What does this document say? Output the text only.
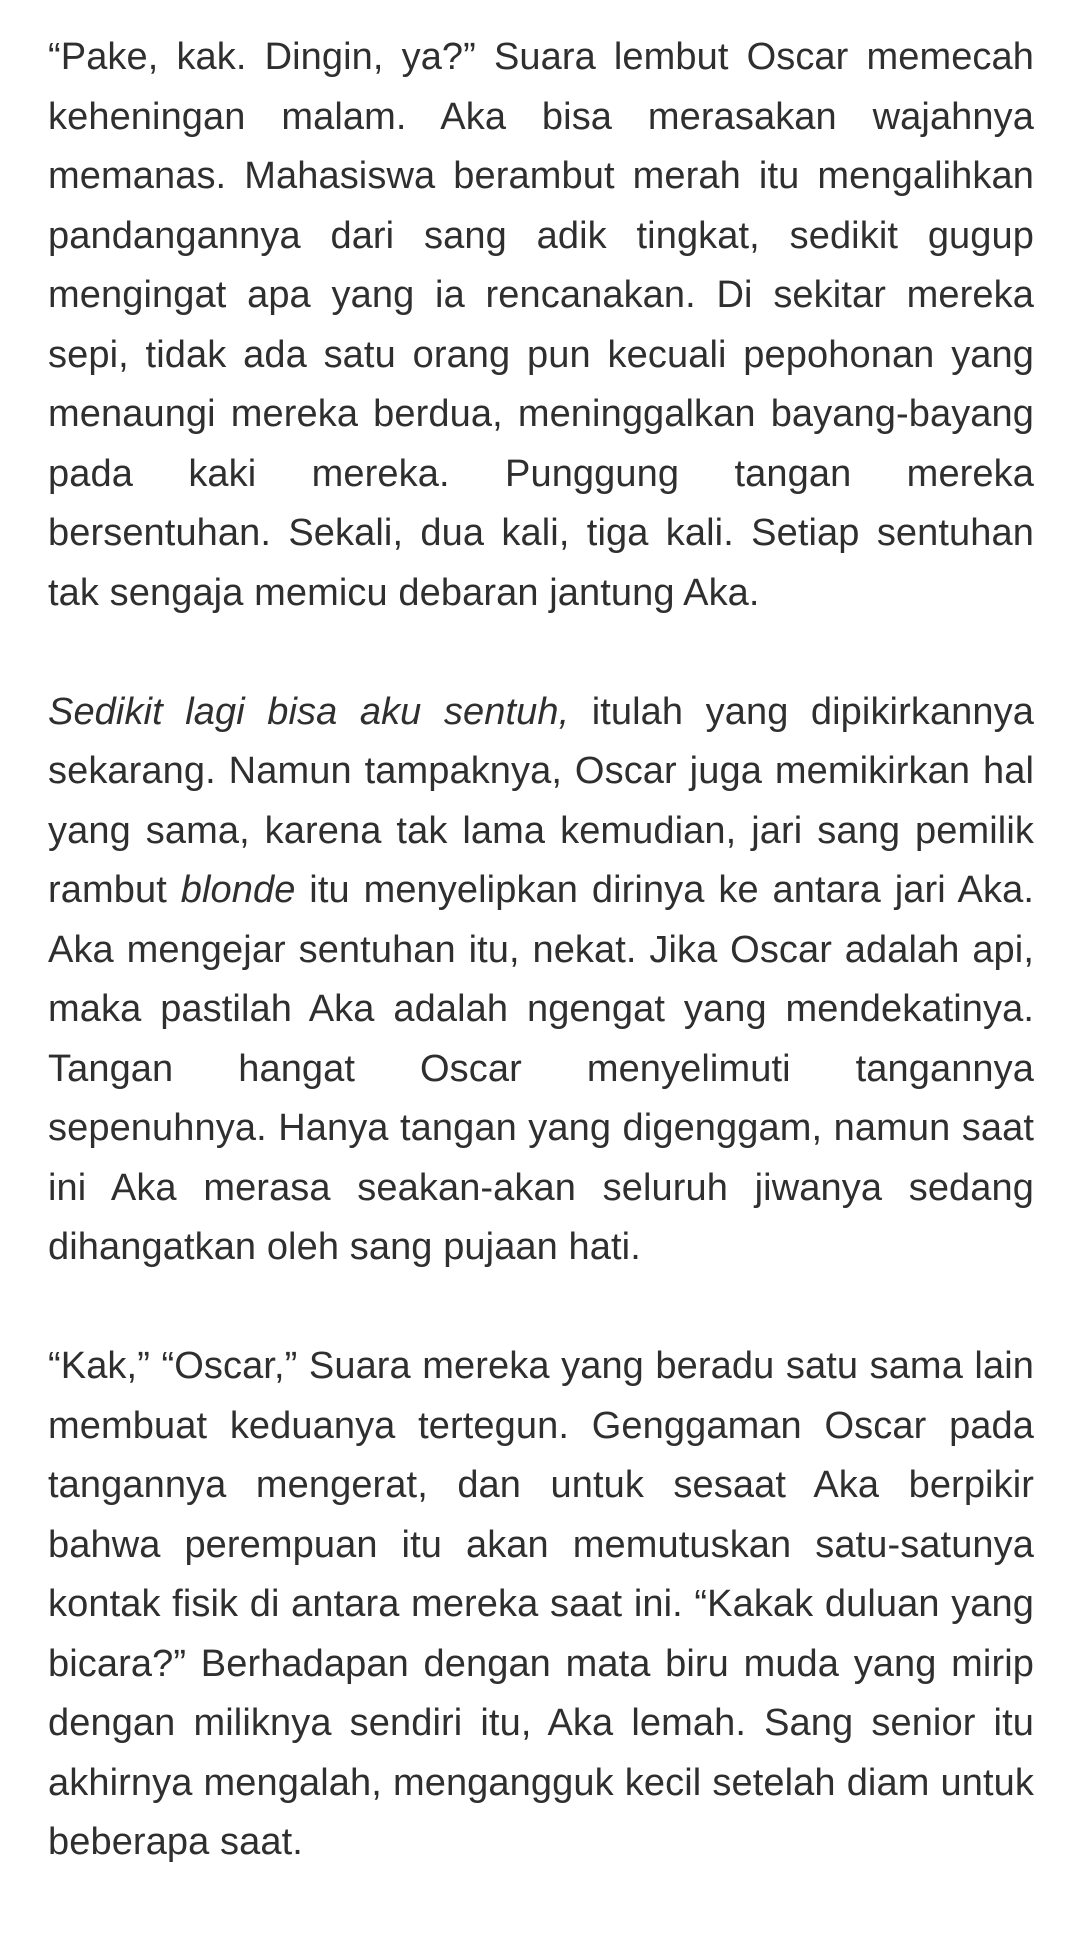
“Pake, kak. Dingin, ya?” Suara lembut Oscar memecah keheningan malam. Aka bisa merasakan wajahnya memanas. Mahasiswa berambut merah itu mengalihkan pandangannya dari sang adik tingkat, sedikit gugup mengingat apa yang ia rencanakan. Di sekitar mereka sepi, tidak ada satu orang pun kecuali pepohonan yang menaungi mereka berdua, meninggalkan bayang-bayang pada kaki mereka. Punggung tangan mereka bersentuhan. Sekali, dua kali, tiga kali. Setiap sentuhan tak sengaja memicu debaran jantung Aka.

Sedikit lagi bisa aku sentuh, itulah yang dipikirkannya sekarang. Namun tampaknya, Oscar juga memikirkan hal yang sama, karena tak lama kemudian, jari sang pemilik rambut blonde itu menyelipkan dirinya ke antara jari Aka. Aka mengejar sentuhan itu, nekat. Jika Oscar adalah api, maka pastilah Aka adalah ngengat yang mendekatinya. Tangan hangat Oscar menyelimuti tangannya sepenuhnya. Hanya tangan yang digenggam, namun saat ini Aka merasa seakan-akan seluruh jiwanya sedang dihangatkan oleh sang pujaan hati.

“Kak,” “Oscar,” Suara mereka yang beradu satu sama lain membuat keduanya tertegun. Genggaman Oscar pada tangannya mengerat, dan untuk sesaat Aka berpikir bahwa perempuan itu akan memutuskan satu-satunya kontak fisik di antara mereka saat ini. “Kakak duluan yang bicara?” Berhadapan dengan mata biru muda yang mirip dengan miliknya sendiri itu, Aka lemah. Sang senior itu akhirnya mengalah, mengangguk kecil setelah diam untuk beberapa saat.
